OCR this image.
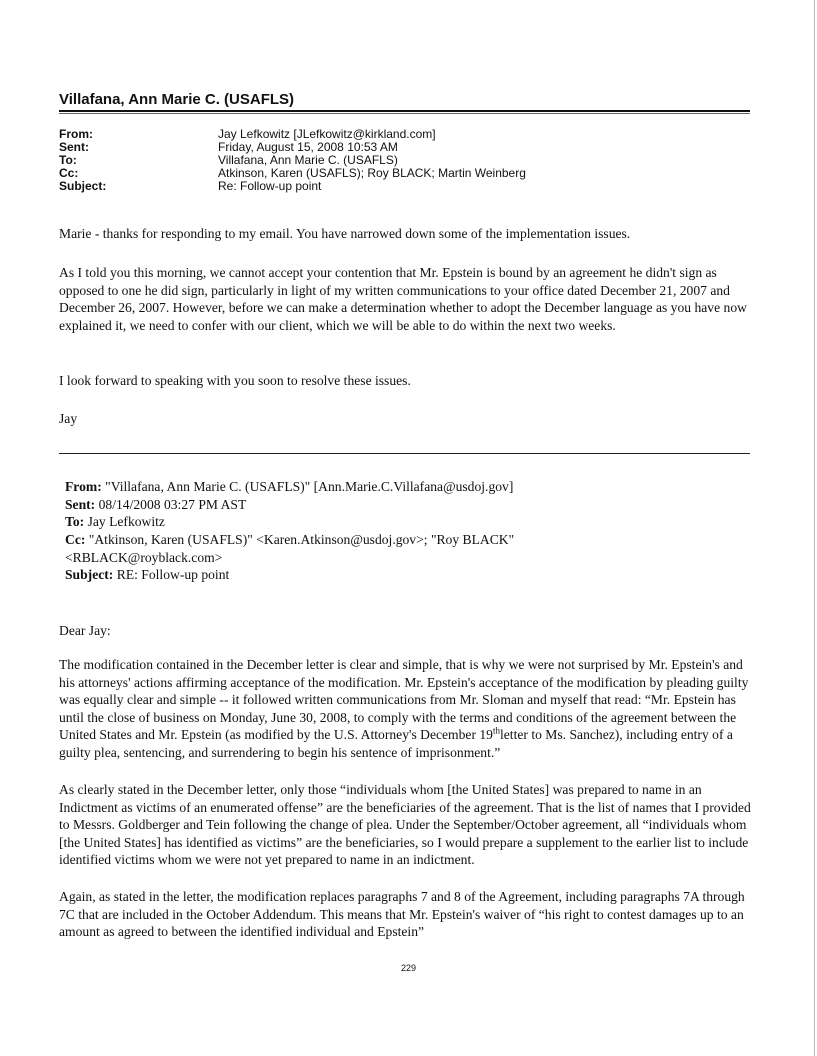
Villafana, Ann Marie C. (USAFLS)
From:	Jay Lefkowitz [JLefkowitz@kirkland.com]
Sent:	Friday, August 15, 2008 10:53 AM
To:	Villafana, Ann Marie C. (USAFLS)
Cc:	Atkinson, Karen (USAFLS); Roy BLACK; Martin Weinberg
Subject:	Re: Follow-up point

Marie - thanks for responding to my email. You have narrowed down some of the implementation issues.

As I told you this morning, we cannot accept your contention that Mr. Epstein is bound by an agreement he didn't sign as opposed to one he did sign, particularly in light of my written communications to your office dated December 21, 2007 and December 26, 2007. However, before we can make a determination whether to adopt the December language as you have now explained it, we need to confer with our client, which we will be able to do within the next two weeks.

I look forward to speaking with you soon to resolve these issues.

Jay

From: "Villafana, Ann Marie C. (USAFLS)" [Ann.Marie.C.Villafana@usdoj.gov]

Sent: 08/14/2008 03:27 PM AST

To: Jay Lefkowitz

Cc: "Atkinson, Karen (USAFLS)" <Karen.Atkinson@usdoj.gov>; "Roy BLACK" <RBLACK@royblack.com>

Subject: RE: Follow-up point

Dear Jay:

The modification contained in the December letter is clear and simple, that is why we were not surprised by Mr. Epstein's and his attorneys' actions affirming acceptance of the modification. Mr. Epstein's acceptance of the modification by pleading guilty was equally clear and simple -- it followed written communications from Mr. Sloman and myself that read: “Mr. Epstein has until the close of business on Monday, June 30, 2008, to comply with the terms and conditions of the agreement between the United States and Mr. Epstein (as modified by the U.S. Attorney's December 19thletter to Ms. Sanchez), including entry of a guilty plea, sentencing, and surrendering to begin his sentence of imprisonment.”

As clearly stated in the December letter, only those “individuals whom [the United States] was prepared to name in an Indictment as victims of an enumerated offense” are the beneficiaries of the agreement. That is the list of names that I provided to Messrs. Goldberger and Tein following the change of plea. Under the September/October agreement, all “individuals whom [the United States] has identified as victims” are the beneficiaries, so I would prepare a supplement to the earlier list to include identified victims whom we were not yet prepared to name in an indictment.

Again, as stated in the letter, the modification replaces paragraphs 7 and 8 of the Agreement, including paragraphs 7A through 7C that are included in the October Addendum. This means that Mr. Epstein's waiver of “his right to contest damages up to an amount as agreed to between the identified individual and Epstein”

229
